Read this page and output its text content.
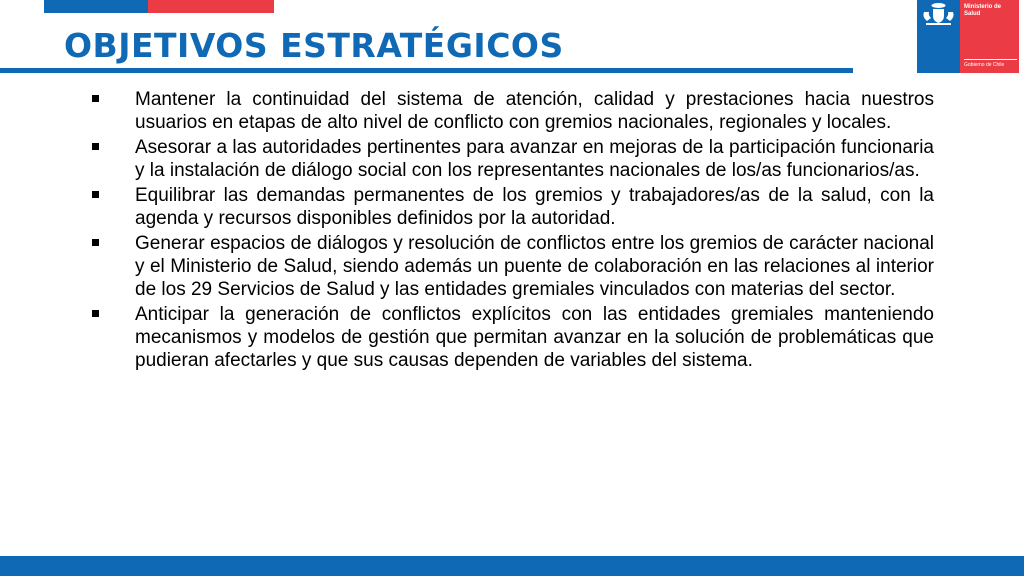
OBJETIVOS ESTRATÉGICOS
Ministerio de
Salud
Gobierno de Chile
Mantener la continuidad del sistema de atención, calidad y prestaciones hacia nuestros usuarios en etapas de alto nivel de conflicto con gremios nacionales, regionales y locales.
Asesorar a las autoridades pertinentes para avanzar en mejoras de la participación funcionaria y la instalación de diálogo social con los representantes nacionales de los/as funcionarios/as.
Equilibrar las demandas permanentes de los gremios y trabajadores/as de la salud, con la agenda y recursos disponibles definidos por la autoridad.
Generar espacios de diálogos y resolución de conflictos entre los gremios de carácter nacional y el Ministerio de Salud, siendo además un puente de colaboración en las relaciones al interior de los 29 Servicios de Salud y las entidades gremiales vinculados con materias del sector.
Anticipar la generación de conflictos explícitos con las entidades gremiales manteniendo mecanismos y modelos de gestión que permitan avanzar en la solución de problemáticas que pudieran afectarles y que sus causas dependen de variables del sistema.
